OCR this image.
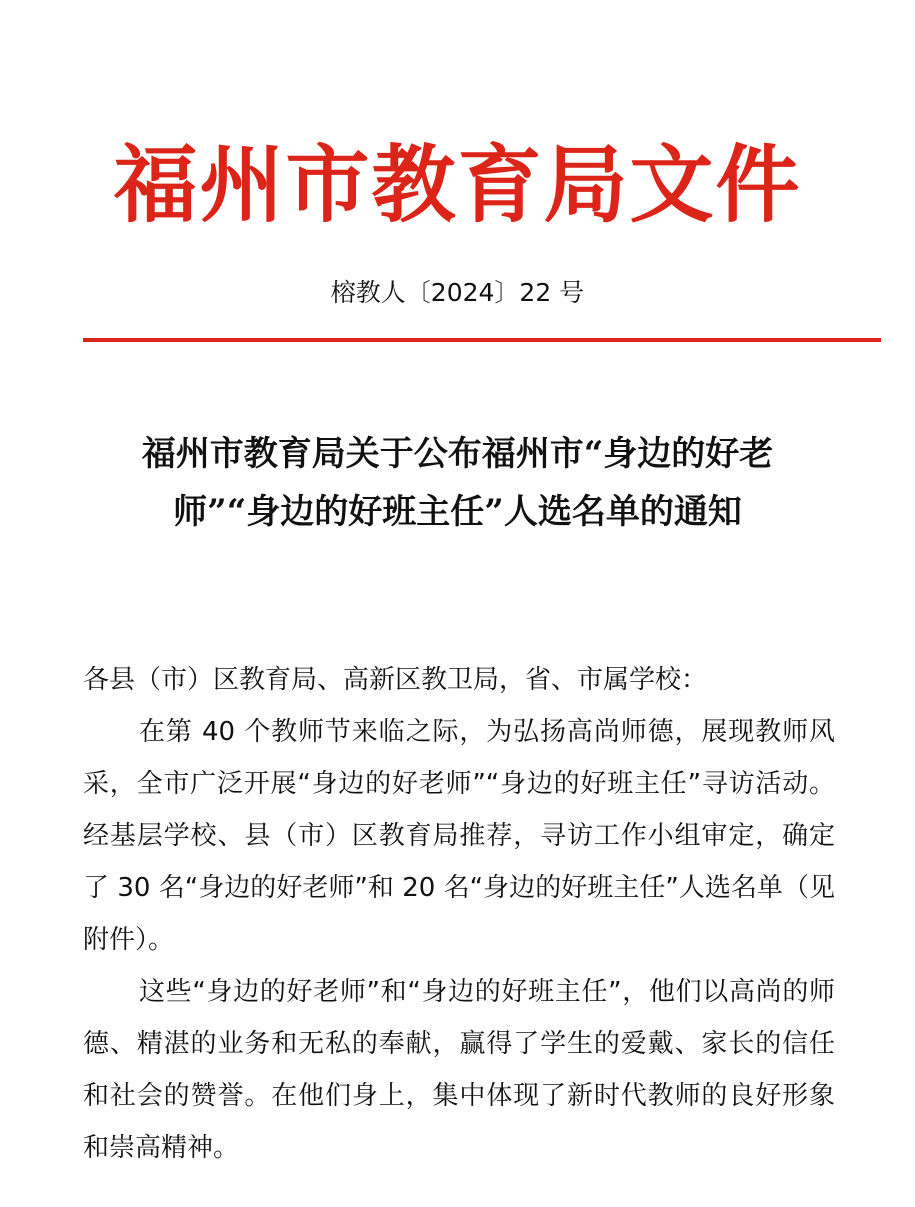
福州市教育局文件
榕教人〔2024〕22 号
福州市教育局关于公布福州市“身边的好老师”“身边的好班主任”人选名单的通知

各县（市）区教育局、高新区教卫局，省、市属学校：

在第 40 个教师节来临之际，为弘扬高尚师德，展现教师风采，全市广泛开展“身边的好老师”“身边的好班主任”寻访活动。经基层学校、县（市）区教育局推荐，寻访工作小组审定，确定了 30 名“身边的好老师”和 20 名“身边的好班主任”人选名单（见附件）。

这些“身边的好老师”和“身边的好班主任”，他们以高尚的师德、精湛的业务和无私的奉献，赢得了学生的爱戴、家长的信任和社会的赞誉。在他们身上，集中体现了新时代教师的良好形象和崇高精神。
